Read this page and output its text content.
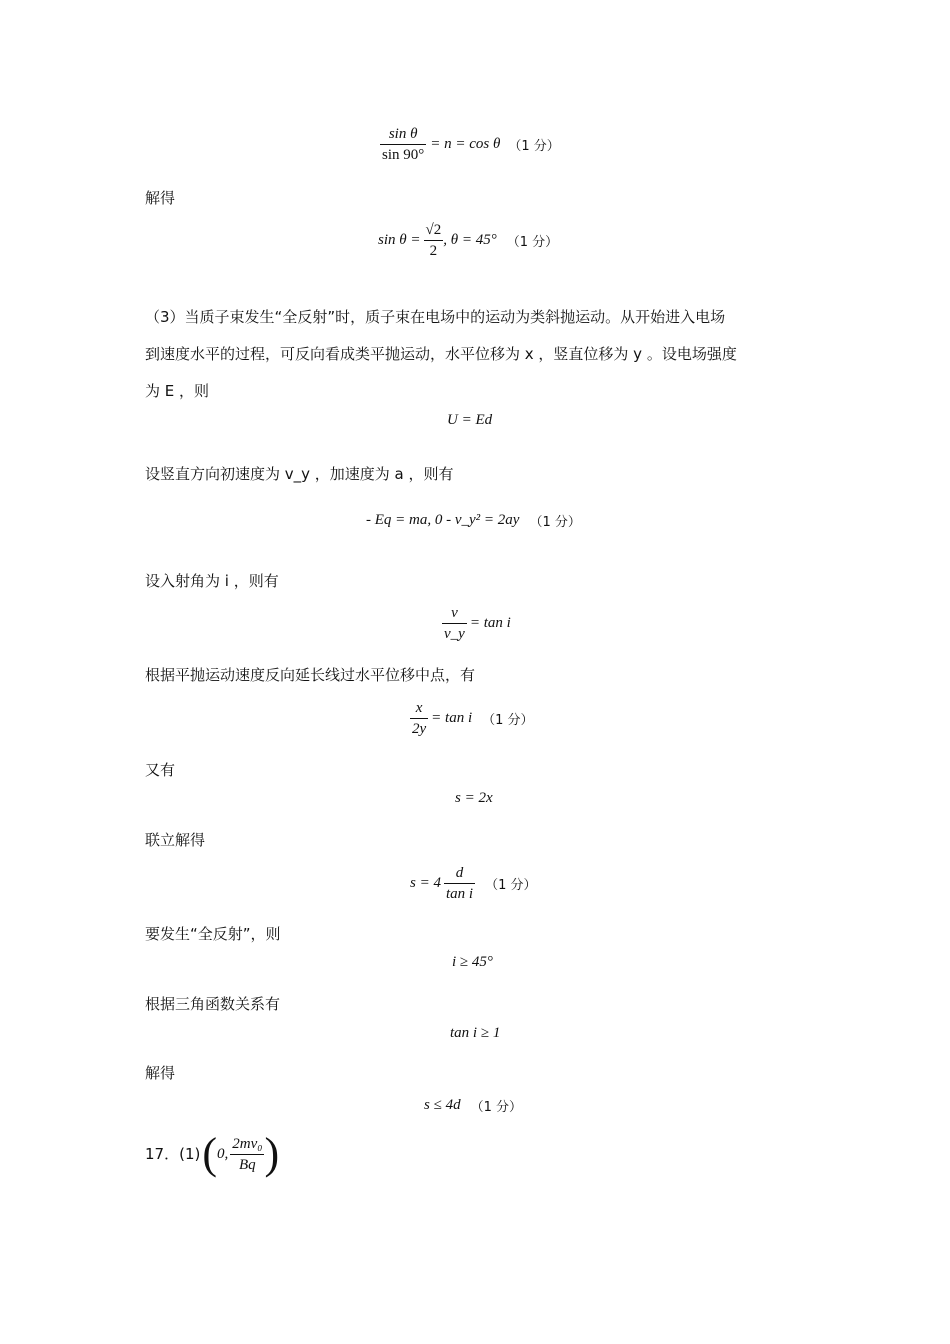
$\frac{\text{sin θ}}{\sin 90^\circ} = n = \cos \theta$ （1 分）
解得
$\sin \theta = \frac{√2}{2}$ , θ = 45° （1 分）
（3）当质子束发生“全反射”时，质子束在电场中的运动为类斜抛运动。从开始进入电场
到速度水平的过程，可反向看成类平抛运动，水平位移为 x ，竖直位移为 y 。设电场强度
为 E ，则
U = Ed
设竖直方向初速度为 v_y ，加速度为 a ，则有
- Eq = ma, 0 - v_y² = 2ay （1 分）
设入射角为 i ，则有
$\frac{v}{v\_y} = \tan i$
根据平抛运动速度反向延长线过水平位移中点，有
$\frac{x}{2y} = \tan i$ （1 分）
又有
s = 2x
联立解得
$s = 4 \frac{d}{\text{tan i}} (1$ 分）
要发生“全反射”，则
i ≥ 45°
根据三角函数关系有
tan i ≥ 1
解得
s ≤ 4d （1 分）
17．(1) ( 0, $\frac{\text{2mv₀}}{Bq}$ )
